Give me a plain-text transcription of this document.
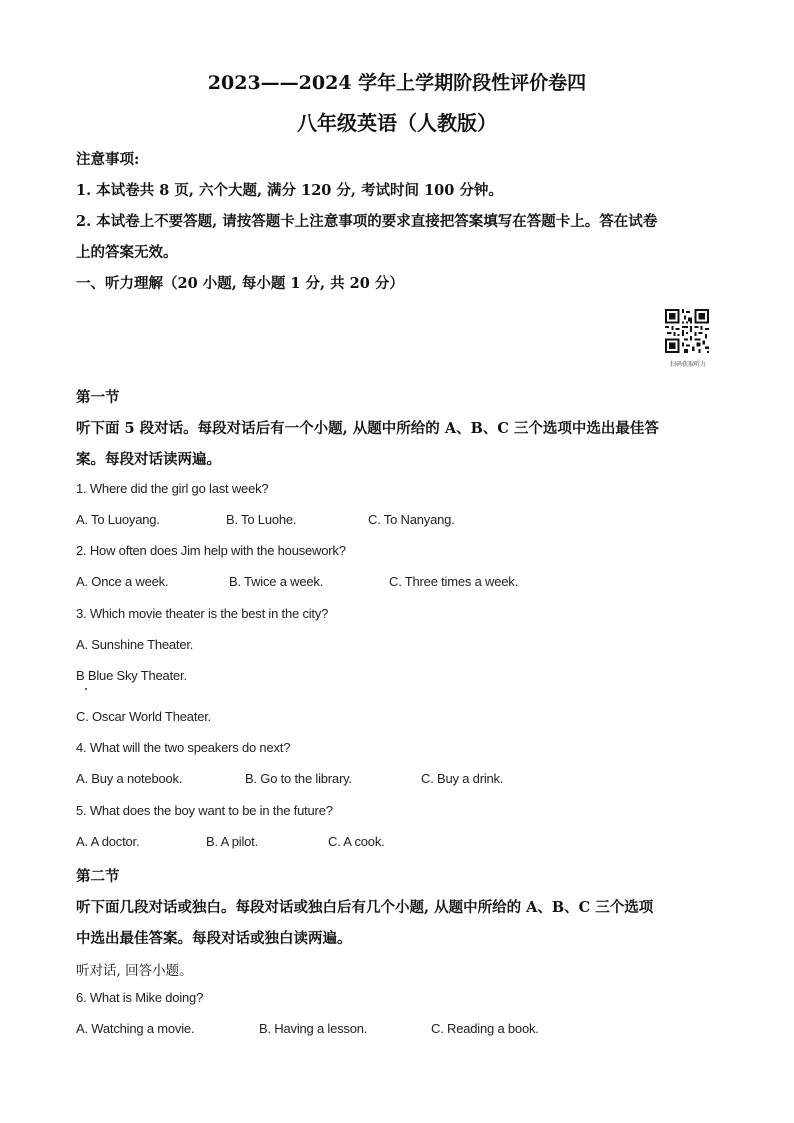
2023——2024 学年上学期阶段性评价卷四
八年级英语（人教版）
注意事项:
1. 本试卷共 8 页, 六个大题, 满分 120 分, 考试时间 100 分钟。
2. 本试卷上不要答题, 请按答题卡上注意事项的要求直接把答案填写在答题卡上。答在试卷
上的答案无效。
一、听力理解（20 小题, 每小题 1 分, 共 20 分）
扫码获取听力
第一节
听下面 5 段对话。每段对话后有一个小题, 从题中所给的 A、B、C 三个选项中选出最佳答
案。每段对话读两遍。
1. Where did the girl go last week?
A. To Luoyang.	B. To Luohe.	C. To Nanyang.
2. How often does Jim help with the housework?
A. Once a week.	B. Twice a week.	C. Three times a week.
3. Which movie theater is the best in the city?
A. Sunshine Theater.
B Blue Sky Theater.
C. Oscar World Theater.
4. What will the two speakers do next?
A. Buy a notebook.	B. Go to the library.	C. Buy a drink.
5. What does the boy want to be in the future?
A. A doctor.	B. A pilot.	C. A cook.
第二节
听下面几段对话或独白。每段对话或独白后有几个小题, 从题中所给的 A、B、C 三个选项
中选出最佳答案。每段对话或独白读两遍。
听对话, 回答小题。
6. What is Mike doing?
A. Watching a movie.	B. Having a lesson.	C. Reading a book.
